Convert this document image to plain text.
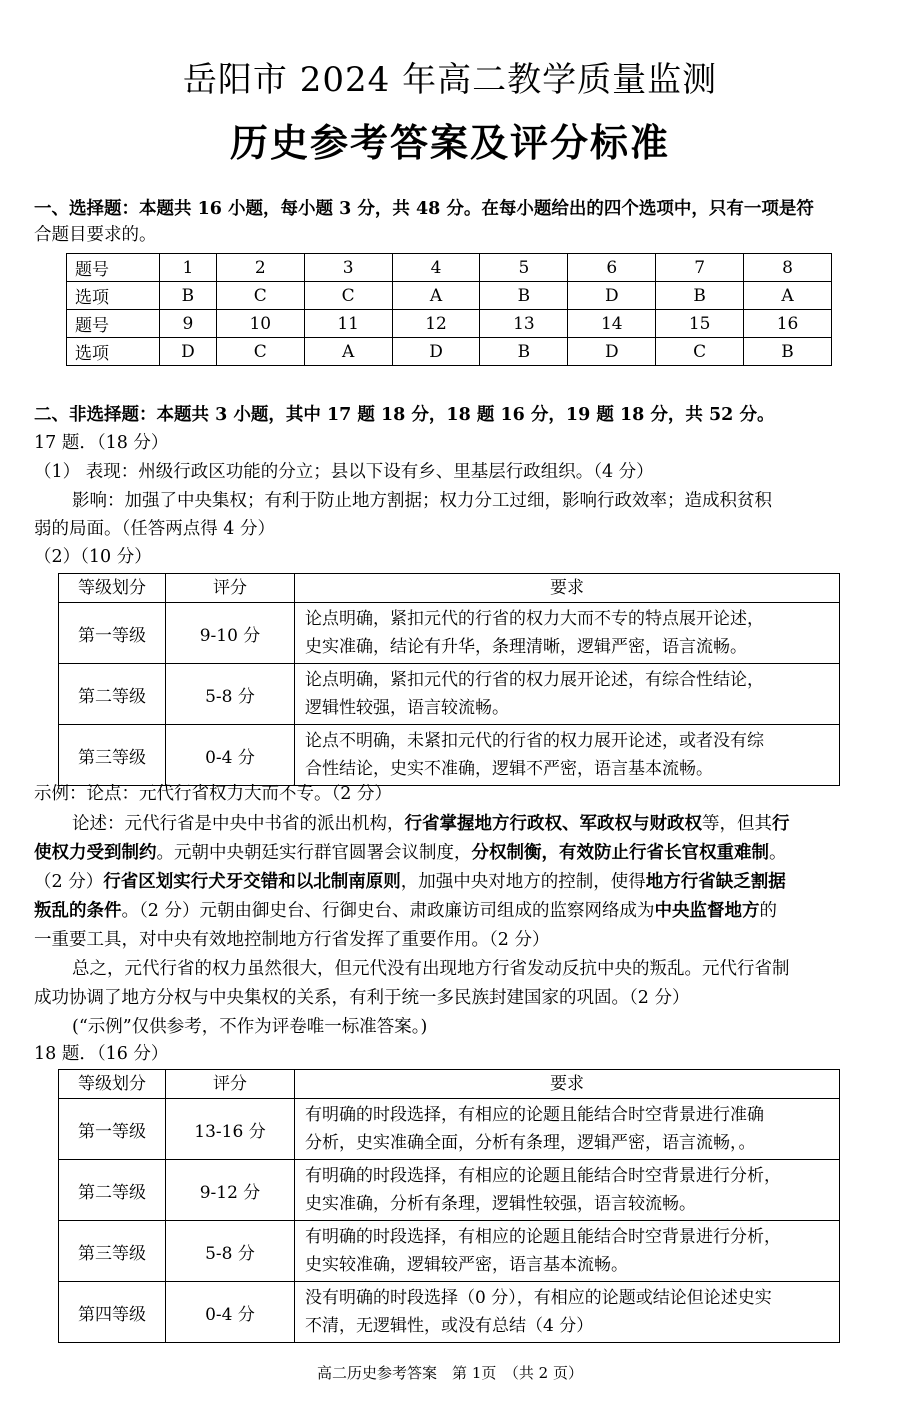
岳阳市 2024 年高二教学质量监测
历史参考答案及评分标准
一、选择题：本题共 16 小题，每小题 3 分，共 48 分。在每小题给出的四个选项中，只有一项是符
合题目要求的。
题号	1	2	3	4	5	6	7	8
选项	B	C	C	A	B	D	B	A
题号	9	10	11	12	13	14	15	16
选项	D	C	A	D	B	D	C	B
二、非选择题：本题共 3 小题，其中 17 题 18 分，18 题 16 分，19 题 18 分，共 52 分。
17 题．（18 分）
（1） 表现：州级行政区功能的分立；县以下设有乡、里基层行政组织。（4 分）
影响：加强了中央集权；有利于防止地方割据；权力分工过细，影响行政效率；造成积贫积
弱的局面。（任答两点得 4 分）
（2）（10 分）
等级划分	评分	要求
第一等级	9-10 分	论点明确，紧扣元代的行省的权力大而不专的特点展开论述，
史实准确，结论有升华，条理清晰，逻辑严密，语言流畅。

第二等级	5-8 分	论点明确，紧扣元代的行省的权力展开论述，有综合性结论，
逻辑性较强，语言较流畅。

第三等级	0-4 分	论点不明确，未紧扣元代的行省的权力展开论述，或者没有综
合性结论，史实不准确，逻辑不严密，语言基本流畅。
示例：论点：元代行省权力大而不专。（2 分）
论述：元代行省是中央中书省的派出机构，行省掌握地方行政权、军政权与财政权等，但其行
使权力受到制约。元朝中央朝廷实行群官圆署会议制度，分权制衡，有效防止行省长官权重难制。
（2 分）行省区划实行犬牙交错和以北制南原则，加强中央对地方的控制，使得地方行省缺乏割据
叛乱的条件。（2 分）元朝由御史台、行御史台、肃政廉访司组成的监察网络成为中央监督地方的
一重要工具，对中央有效地控制地方行省发挥了重要作用。（2 分）
总之，元代行省的权力虽然很大，但元代没有出现地方行省发动反抗中央的叛乱。元代行省制
成功协调了地方分权与中央集权的关系，有利于统一多民族封建国家的巩固。（2 分）
(“示例”仅供参考，不作为评卷唯一标准答案。)
18 题．（16 分）
等级划分	评分	要求
第一等级	13-16 分	有明确的时段选择，有相应的论题且能结合时空背景进行准确
分析，史实准确全面，分析有条理，逻辑严密，语言流畅，。

第二等级	9-12 分	有明确的时段选择，有相应的论题且能结合时空背景进行分析，
史实准确，分析有条理，逻辑性较强，语言较流畅。

第三等级	5-8 分	有明确的时段选择，有相应的论题且能结合时空背景进行分析，
史实较准确，逻辑较严密，语言基本流畅。

第四等级	0-4 分	没有明确的时段选择（0 分），有相应的论题或结论但论述史实
不清，无逻辑性，或没有总结（4 分）
高二历史参考答案　第 1页　（共 2 页）
